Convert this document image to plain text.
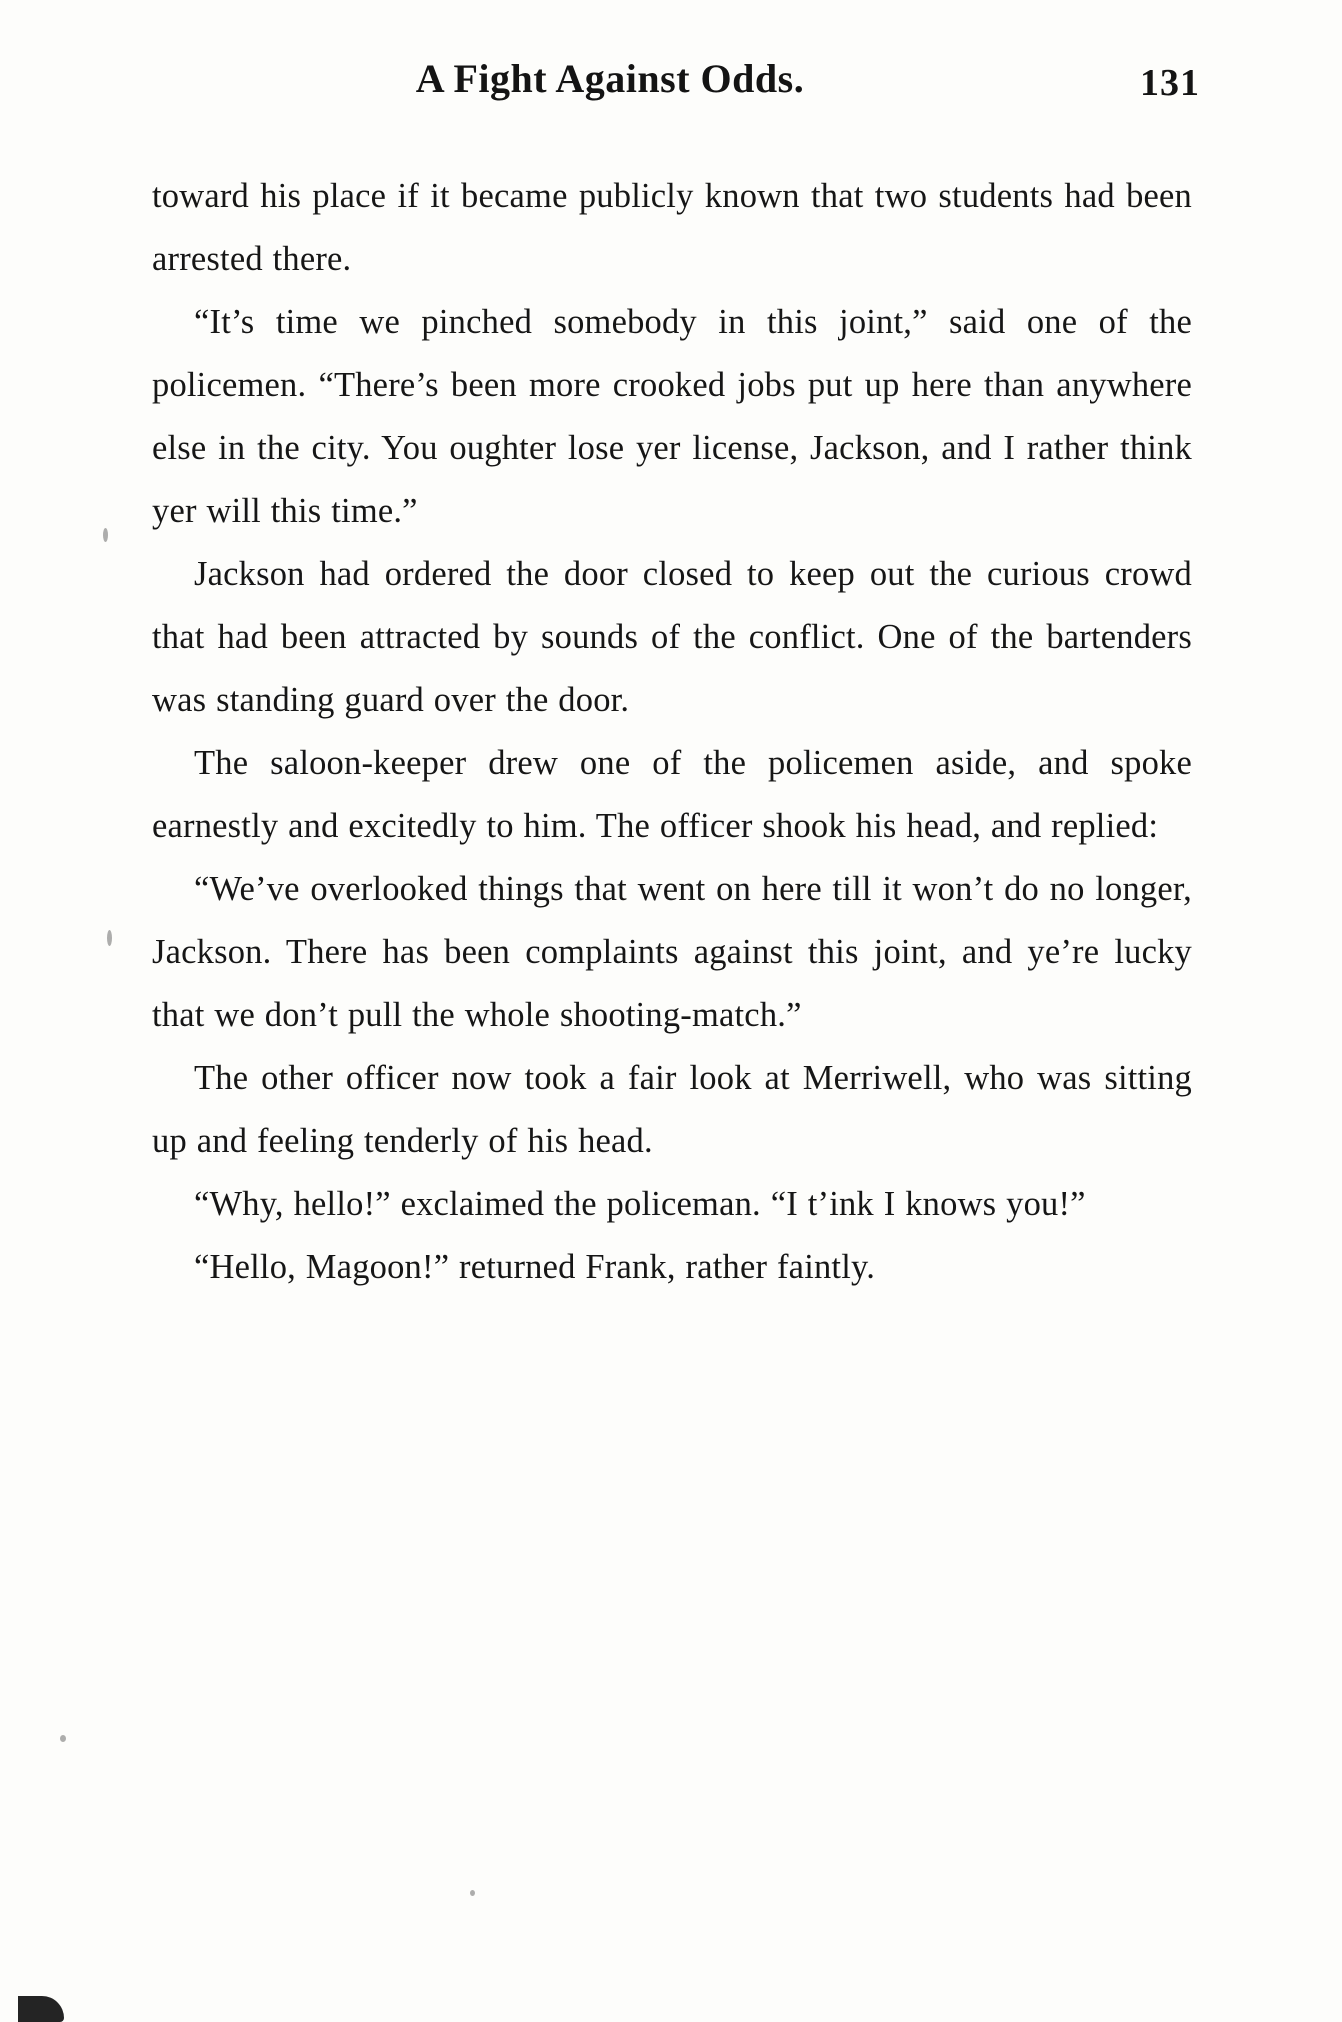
A Fight Against Odds.	131

toward his place if it became publicly known that two students had been arrested there.

“It’s time we pinched somebody in this joint,” said one of the policemen. “There’s been more crooked jobs put up here than anywhere else in the city. You oughter lose yer license, Jackson, and I rather think yer will this time.”

Jackson had ordered the door closed to keep out the curious crowd that had been attracted by sounds of the conflict. One of the bartenders was standing guard over the door.

The saloon-keeper drew one of the policemen aside, and spoke earnestly and excitedly to him. The officer shook his head, and replied:

“We’ve overlooked things that went on here till it won’t do no longer, Jackson. There has been complaints against this joint, and ye’re lucky that we don’t pull the whole shooting-match.”

The other officer now took a fair look at Merriwell, who was sitting up and feeling tenderly of his head.

“Why, hello!” exclaimed the policeman. “I t’ink I knows you!”

“Hello, Magoon!” returned Frank, rather faintly.
